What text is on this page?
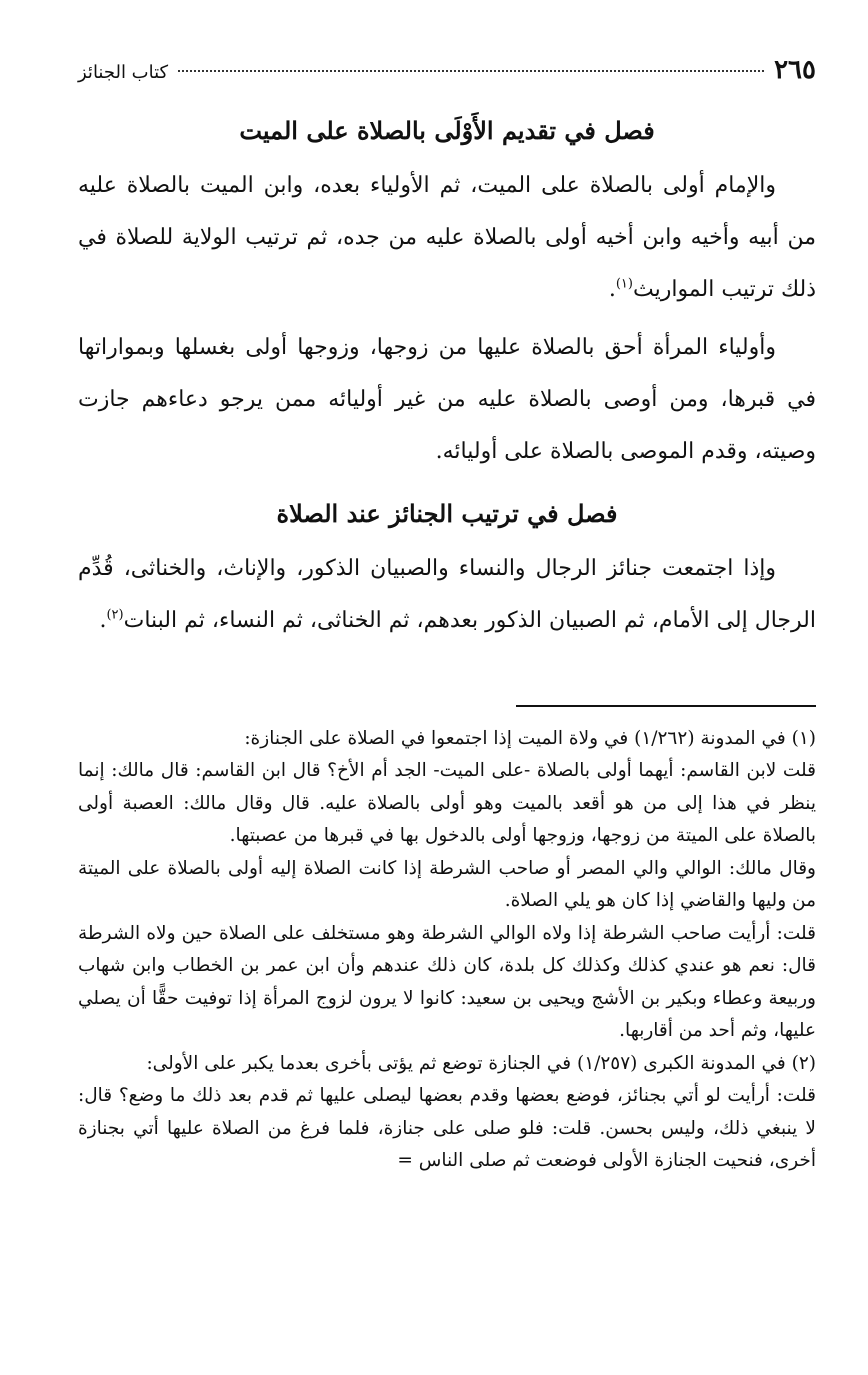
٢٦٥
كتاب الجنائز
فصل في تقديم الأَوْلَى بالصلاة على الميت

والإمام أولى بالصلاة على الميت، ثم الأولياء بعده، وابن الميت بالصلاة عليه من أبيه وأخيه وابن أخيه أولى بالصلاة عليه من جده، ثم ترتيب الولاية للصلاة في ذلك ترتيب المواريث$^{(١)}$.

وأولياء المرأة أحق بالصلاة عليها من زوجها، وزوجها أولى بغسلها وبمواراتها في قبرها، ومن أوصى بالصلاة عليه من غير أوليائه ممن يرجو دعاءهم جازت وصيته، وقدم الموصى بالصلاة على أوليائه.

فصل في ترتيب الجنائز عند الصلاة

وإذا اجتمعت جنائز الرجال والنساء والصبيان الذكور، والإناث، والخناثى، قُدِّم الرجال إلى الأمام، ثم الصبيان الذكور بعدهم، ثم الخناثى، ثم النساء، ثم البنات$^{(٢)}$.

(١) في المدونة (١/٢٦٢) في ولاة الميت إذا اجتمعوا في الصلاة على الجنازة:

قلت لابن القاسم: أيهما أولى بالصلاة -على الميت- الجد أم الأخ؟ قال ابن القاسم: قال مالك: إنما ينظر في هذا إلى من هو أقعد بالميت وهو أولى بالصلاة عليه. قال وقال مالك: العصبة أولى بالصلاة على الميتة من زوجها، وزوجها أولى بالدخول بها في قبرها من عصبتها.

وقال مالك: الوالي والي المصر أو صاحب الشرطة إذا كانت الصلاة إليه أولى بالصلاة على الميتة من وليها والقاضي إذا كان هو يلي الصلاة.

قلت: أرأيت صاحب الشرطة إذا ولاه الوالي الشرطة وهو مستخلف على الصلاة حين ولاه الشرطة قال: نعم هو عندي كذلك وكذلك كل بلدة، كان ذلك عندهم وأن ابن عمر بن الخطاب وابن شهاب وربيعة وعطاء وبكير بن الأشج ويحيى بن سعيد: كانوا لا يرون لزوج المرأة إذا توفيت حقًّا أن يصلي عليها، وثم أحد من أقاربها.

(٢) في المدونة الكبرى (١/٢٥٧) في الجنازة توضع ثم يؤتى بأخرى بعدما يكبر على الأولى:

قلت: أرأيت لو أتي بجنائز، فوضع بعضها وقدم بعضها ليصلى عليها ثم قدم بعد ذلك ما وضع؟ قال: لا ينبغي ذلك، وليس بحسن. قلت: فلو صلى على جنازة، فلما فرغ من الصلاة عليها أتي بجنازة أخرى، فنحيت الجنازة الأولى فوضعت ثم صلى الناس =
